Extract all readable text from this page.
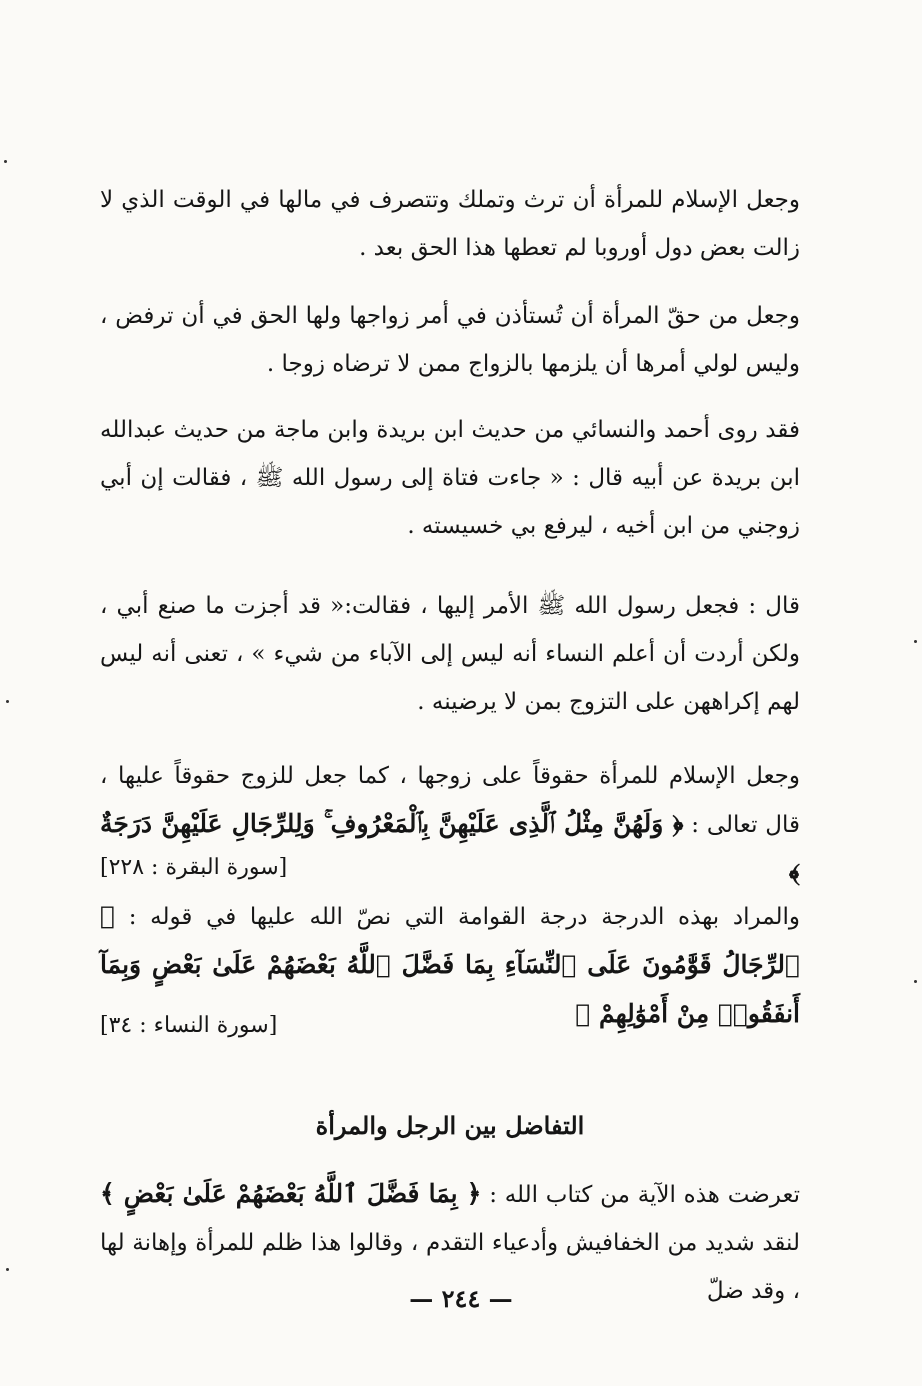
وجعل الإسلام للمرأة أن ترث وتملك وتتصرف في مالها في الوقت الذي لا زالت بعض دول أوروبا لم تعطها هذا الحق بعد .

وجعل من حقّ المرأة أن تُستأذن في أمر زواجها ولها الحق في أن ترفض ، وليس لولي أمرها أن يلزمها بالزواج ممن لا ترضاه زوجا .

فقد روى أحمد والنسائي من حديث ابن بريدة وابن ماجة من حديث عبدالله ابن بريدة عن أبيه قال : « جاءت فتاة إلى رسول الله ﷺ ، فقالت إن أبي زوجني من ابن أخيه ، ليرفع بي خسيسته .

قال : فجعل رسول الله ﷺ الأمر إليها ، فقالت:« قد أجزت ما صنع أبي ، ولكن أردت أن أعلم النساء أنه ليس إلى الآباء من شيء » ، تعنى أنه ليس لهم إكراههن على التزوج بمن لا يرضينه .

وجعل الإسلام للمرأة حقوقاً على زوجها ، كما جعل للزوج حقوقاً عليها ، قال تعالى : ﴿ وَلَهُنَّ مِثْلُ ٱلَّذِى عَلَيْهِنَّ بِٱلْمَعْرُوفِ ۚ وَلِلرِّجَالِ عَلَيْهِنَّ دَرَجَةٌ ﴾

[سورة البقرة : ٢٢٨]

والمراد بهذه الدرجة درجة القوامة التي نصّ الله عليها في قوله : ﴿ ٱلرِّجَالُ قَوَّٰمُونَ عَلَى ٱلنِّسَآءِ بِمَا فَضَّلَ ٱللَّهُ بَعْضَهُمْ عَلَىٰ بَعْضٍ وَبِمَآ أَنفَقُوا۟ مِنْ أَمْوَٰلِهِمْ ﴾

[سورة النساء : ٣٤]
التفاضل بين الرجل والمرأة

تعرضت هذه الآية من كتاب الله : ﴿ بِمَا فَضَّلَ ٱللَّهُ بَعْضَهُمْ عَلَىٰ بَعْضٍ ﴾ لنقد شديد من الخفافيش وأدعياء التقدم ، وقالوا هذا ظلم للمرأة وإهانة لها ، وقد ضلّ

— ٢٤٤ —
